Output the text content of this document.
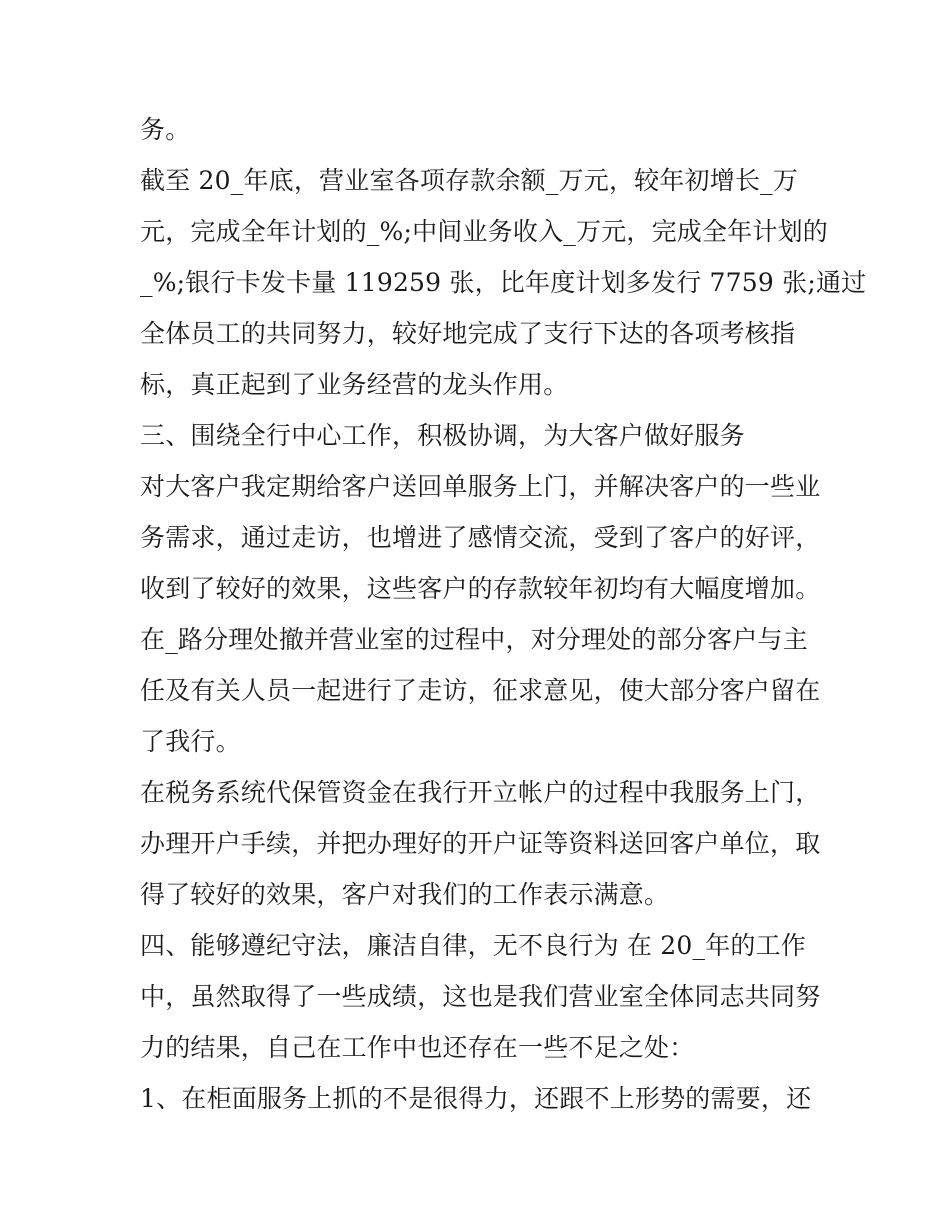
务。
截至 20_年底，营业室各项存款余额_万元，较年初增长_万
元，完成全年计划的_%;中间业务收入_万元，完成全年计划的
_%;银行卡发卡量 119259 张，比年度计划多发行 7759 张;通过
全体员工的共同努力，较好地完成了支行下达的各项考核指
标，真正起到了业务经营的龙头作用。
三、围绕全行中心工作，积极协调，为大客户做好服务
对大客户我定期给客户送回单服务上门，并解决客户的一些业
务需求，通过走访，也增进了感情交流，受到了客户的好评，
收到了较好的效果，这些客户的存款较年初均有大幅度增加。
在_路分理处撤并营业室的过程中，对分理处的部分客户与主
任及有关人员一起进行了走访，征求意见，使大部分客户留在
了我行。
在税务系统代保管资金在我行开立帐户的过程中我服务上门，
办理开户手续，并把办理好的开户证等资料送回客户单位，取
得了较好的效果，客户对我们的工作表示满意。
四、能够遵纪守法，廉洁自律，无不良行为 在 20_年的工作
中，虽然取得了一些成绩，这也是我们营业室全体同志共同努
力的结果，自己在工作中也还存在一些不足之处：
1、在柜面服务上抓的不是很得力，还跟不上形势的需要，还
